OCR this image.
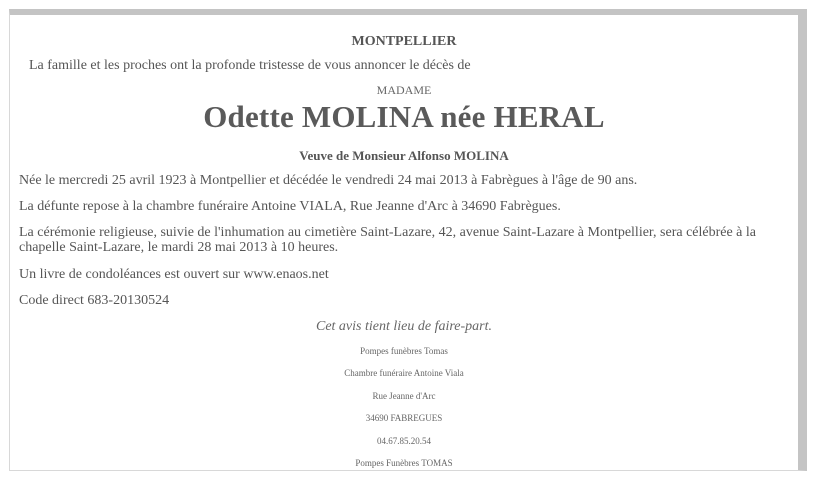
MONTPELLIER
La famille et les proches ont la profonde tristesse de vous annoncer le décès de
MADAME
Odette MOLINA née HERAL
Veuve de Monsieur Alfonso MOLINA
Née le mercredi 25 avril 1923 à Montpellier et décédée le vendredi 24 mai 2013 à Fabrègues à l'âge de 90 ans.
La défunte repose à la chambre funéraire Antoine VIALA, Rue Jeanne d'Arc à 34690 Fabrègues.
La cérémonie religieuse, suivie de l'inhumation au cimetière Saint-Lazare, 42, avenue Saint-Lazare à Montpellier, sera célébrée à la chapelle Saint-Lazare, le mardi 28 mai 2013 à 10 heures.
Un livre de condoléances est ouvert sur www.enaos.net
Code direct 683-20130524
Cet avis tient lieu de faire-part.
Pompes funèbres Tomas
Chambre funéraire Antoine Viala
Rue Jeanne d'Arc
34690 FABREGUES
04.67.85.20.54
Pompes Funèbres TOMAS
